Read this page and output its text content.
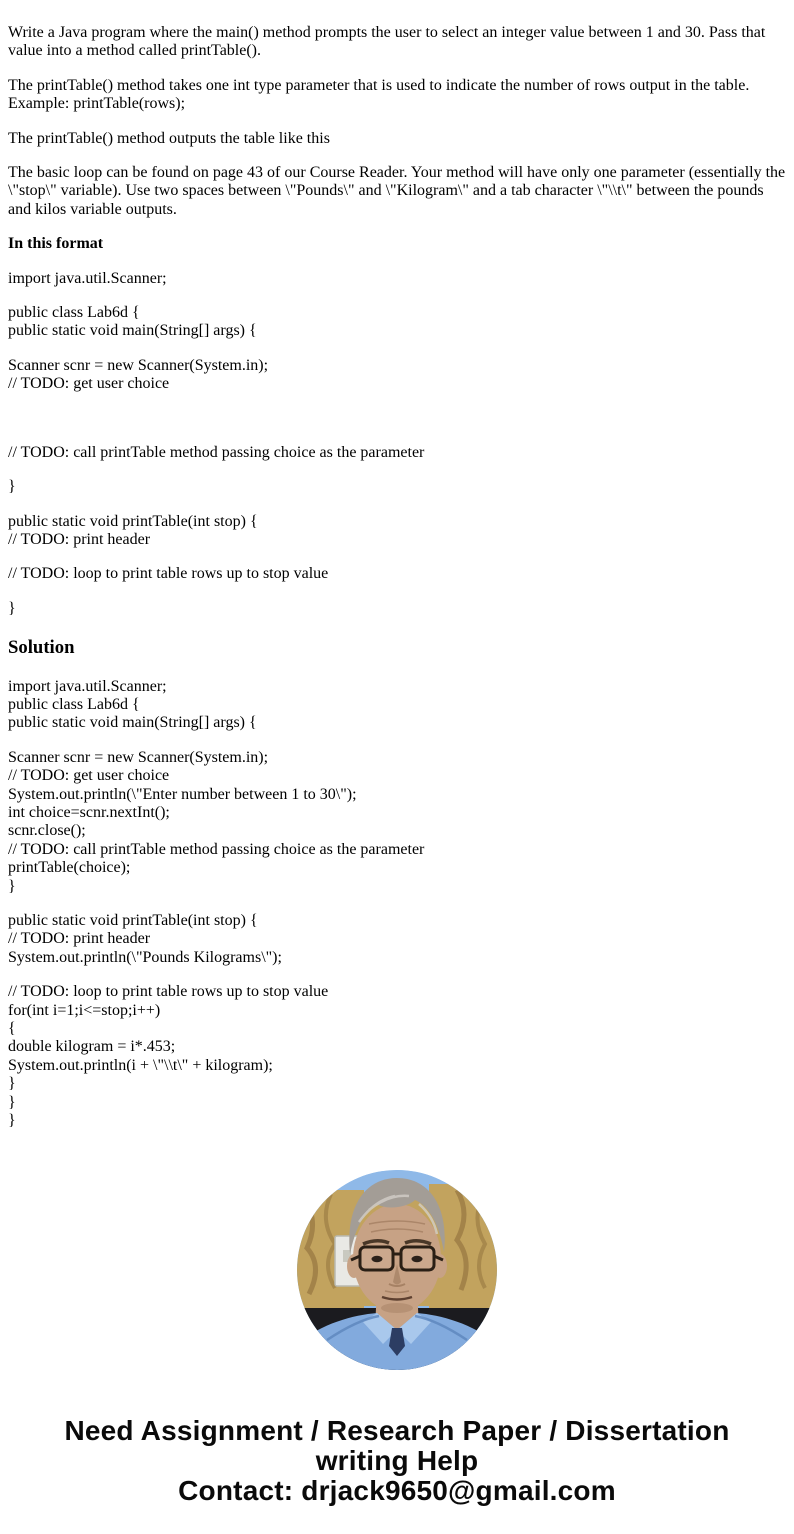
Write a Java program where the main() method prompts the user to select an integer value between 1 and 30. Pass that value into a method called printTable().

The printTable() method takes one int type parameter that is used to indicate the number of rows output in the table.
Example: printTable(rows);

The printTable() method outputs the table like this

The basic loop can be found on page 43 of our Course Reader. Your method will have only one parameter (essentially the \"stop\" variable). Use two spaces between \"Pounds\" and \"Kilogram\" and a tab character \"\\t\" between the pounds and kilos variable outputs.

In this format

import java.util.Scanner;

public class Lab6d {
public static void main(String[] args) {

Scanner scnr = new Scanner(System.in);
// TODO: get user choice

// TODO: call printTable method passing choice as the parameter

}

public static void printTable(int stop) {
// TODO: print header

// TODO: loop to print table rows up to stop value

}

Solution

import java.util.Scanner;
public class Lab6d {
public static void main(String[] args) {

Scanner scnr = new Scanner(System.in);
// TODO: get user choice
System.out.println(\"Enter number between 1 to 30\");
int choice=scnr.nextInt();
scnr.close();
// TODO: call printTable method passing choice as the parameter
printTable(choice);
}

public static void printTable(int stop) {
// TODO: print header
System.out.println(\"Pounds Kilograms\");

// TODO: loop to print table rows up to stop value
for(int i=1;i<=stop;i++)
{
double kilogram = i*.453;
System.out.println(i + \"\\t\" + kilogram);
}
}
}

Need Assignment / Research Paper / Dissertation
writing Help
Contact: drjack9650@gmail.com
